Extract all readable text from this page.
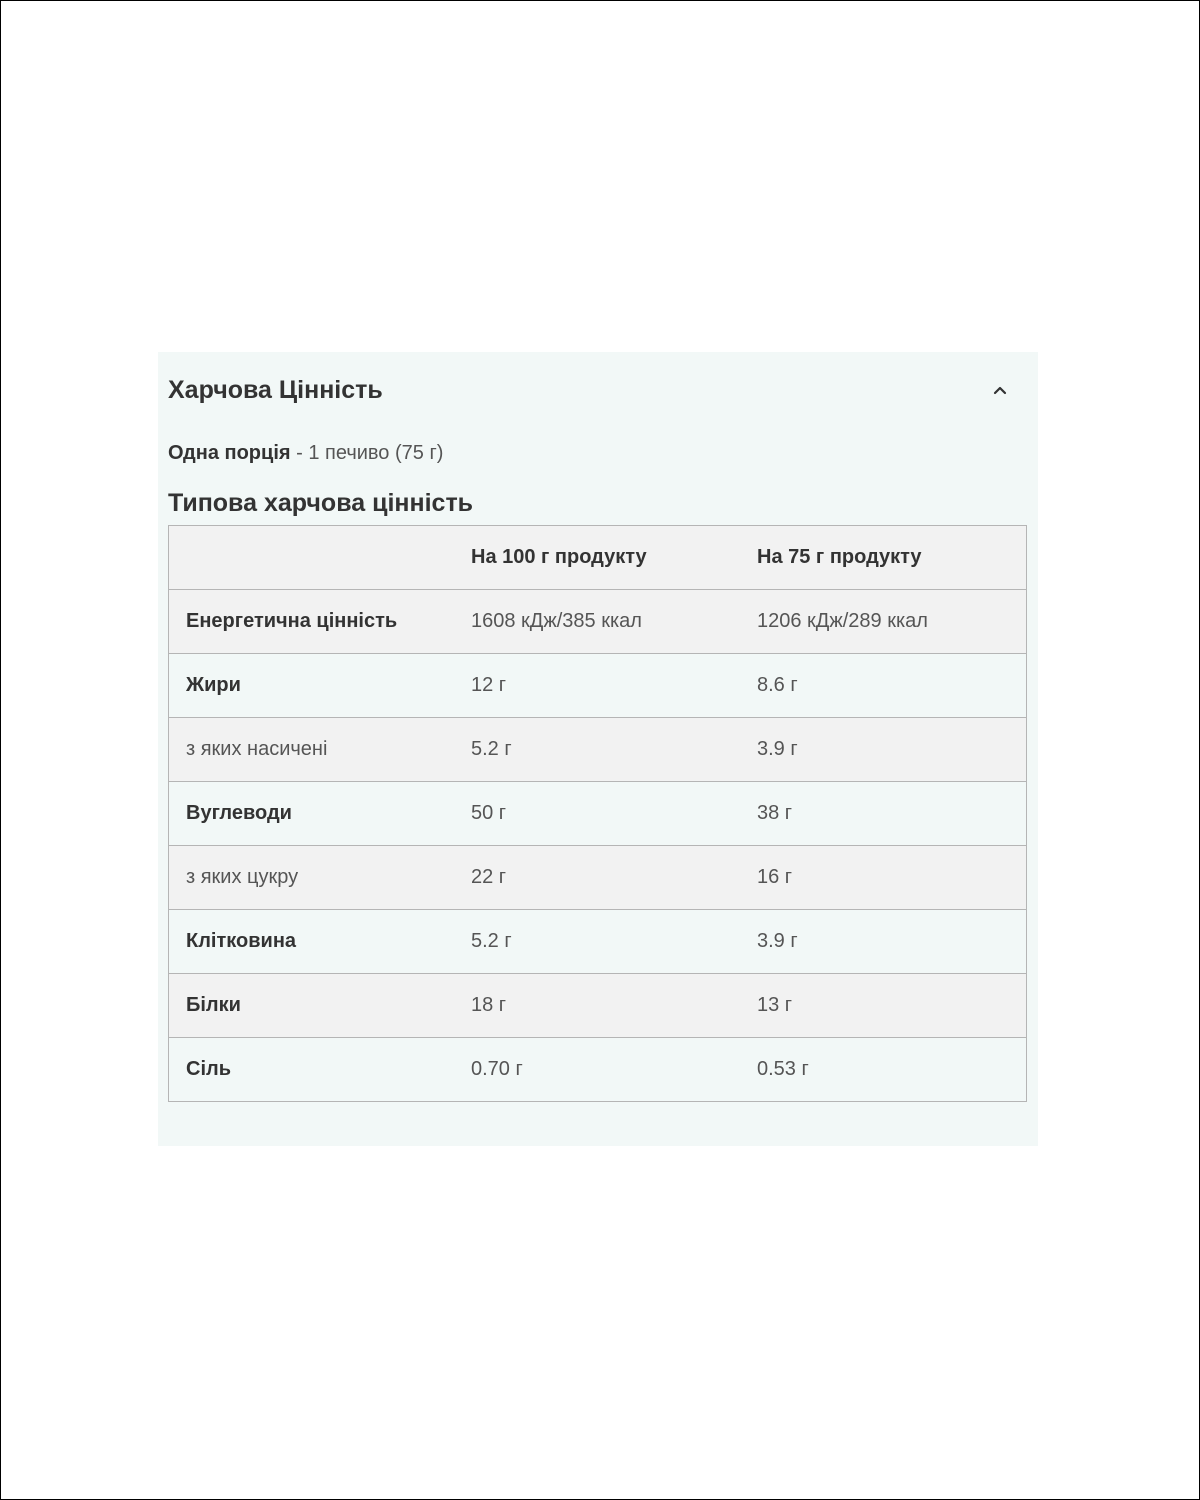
Харчова Цінність
Одна порція - 1 печиво (75 г)
Типова харчова цінність
	На 100 г продукту	На 75 г продукту
Енергетична цінність	1608 кДж/385 ккал	1206 кДж/289 ккал
Жири	12 г	8.6 г
з яких насичені	5.2 г	3.9 г
Вуглеводи	50 г	38 г
з яких цукру	22 г	16 г
Клітковина	5.2 г	3.9 г
Білки	18 г	13 г
Сіль	0.70 г	0.53 г
